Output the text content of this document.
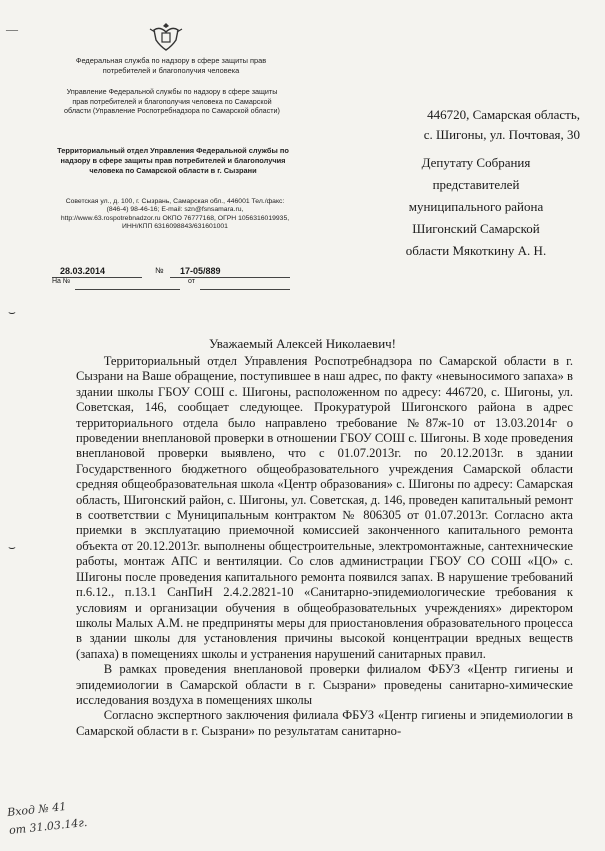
—
⌣
⌣
Федеральная служба по надзору в сфере защиты прав потребителей и благополучия человека
Управление Федеральной службы по надзору в сфере защиты прав потребителей и благополучия человека по Самарской области (Управление Роспотребнадзора по Самарской области)
Территориальный отдел Управления Федеральной службы по надзору в сфере защиты прав потребителей и благополучия человека по Самарской области в г. Сызрани
Советская ул., д. 100, г. Сызрань, Самарская обл., 446001 Тел./факс: (846-4) 98-46-16; E-mail: szn@fsnsamara.ru, http://www.63.rospotrebnadzor.ru ОКПО 76777168, ОГРН 1056316019935, ИНН/КПП 6316098843/631601001
28.03.2014	№ 17-05/889
На №	от
446720, Самарская область,
с. Шигоны, ул. Почтовая, 30
Депутату Собрания
представителей
муниципального района
Шигонский Самарской
области Мякоткину А. Н.
Уважаемый Алексей Николаевич!

Территориальный отдел Управления Роспотребнадзора по Самарской области в г. Сызрани на Ваше обращение, поступившее в наш адрес, по факту «невыносимого запаха» в здании школы ГБОУ СОШ с. Шигоны, расположенном по адресу: 446720, с. Шигоны, ул. Советская, 146, сообщает следующее. Прокуратурой Шигонского района в адрес территориального отдела было направлено требование №87ж-10 от 13.03.2014г о проведении внеплановой проверки в отношении ГБОУ СОШ с. Шигоны. В ходе проведения внеплановой проверки выявлено, что с 01.07.2013г. по 20.12.2013г. в здании Государственного бюджетного общеобразовательного учреждения Самарской области средняя общеобразовательная школа «Центр образования» с. Шигоны по адресу: Самарская область, Шигонский район, с. Шигоны, ул. Советская, д. 146, проведен капитальный ремонт в соответствии с Муниципальным контрактом № 806305 от 01.07.2013г. Согласно акта приемки в эксплуатацию приемочной комиссией законченного капитального ремонта объекта от 20.12.2013г. выполнены общестроительные, электромонтажные, сантехнические работы, монтаж АПС и вентиляции. Со слов администрации ГБОУ СО СОШ «ЦО» с. Шигоны после проведения капитального ремонта появился запах. В нарушение требований п.6.12., п.13.1 СанПиН 2.4.2.2821-10 «Санитарно-эпидемиологические требования к условиям и организации обучения в общеобразовательных учреждениях» директором школы Малых А.М. не предприняты меры для приостановления образовательного процесса в здании школы для установления причины высокой концентрации вредных веществ (запаха) в помещениях школы и устранения нарушений санитарных правил.

В рамках проведения внеплановой проверки филиалом ФБУЗ «Центр гигиены и эпидемиологии в Самарской области в г. Сызрани» проведены санитарно-химические исследования воздуха в помещениях школы

Согласно экспертного заключения филиала ФБУЗ «Центр гигиены и эпидемиологии в Самарской области в г. Сызрани» по результатам санитарно-

Вход № 41
от 31.03.14г.
